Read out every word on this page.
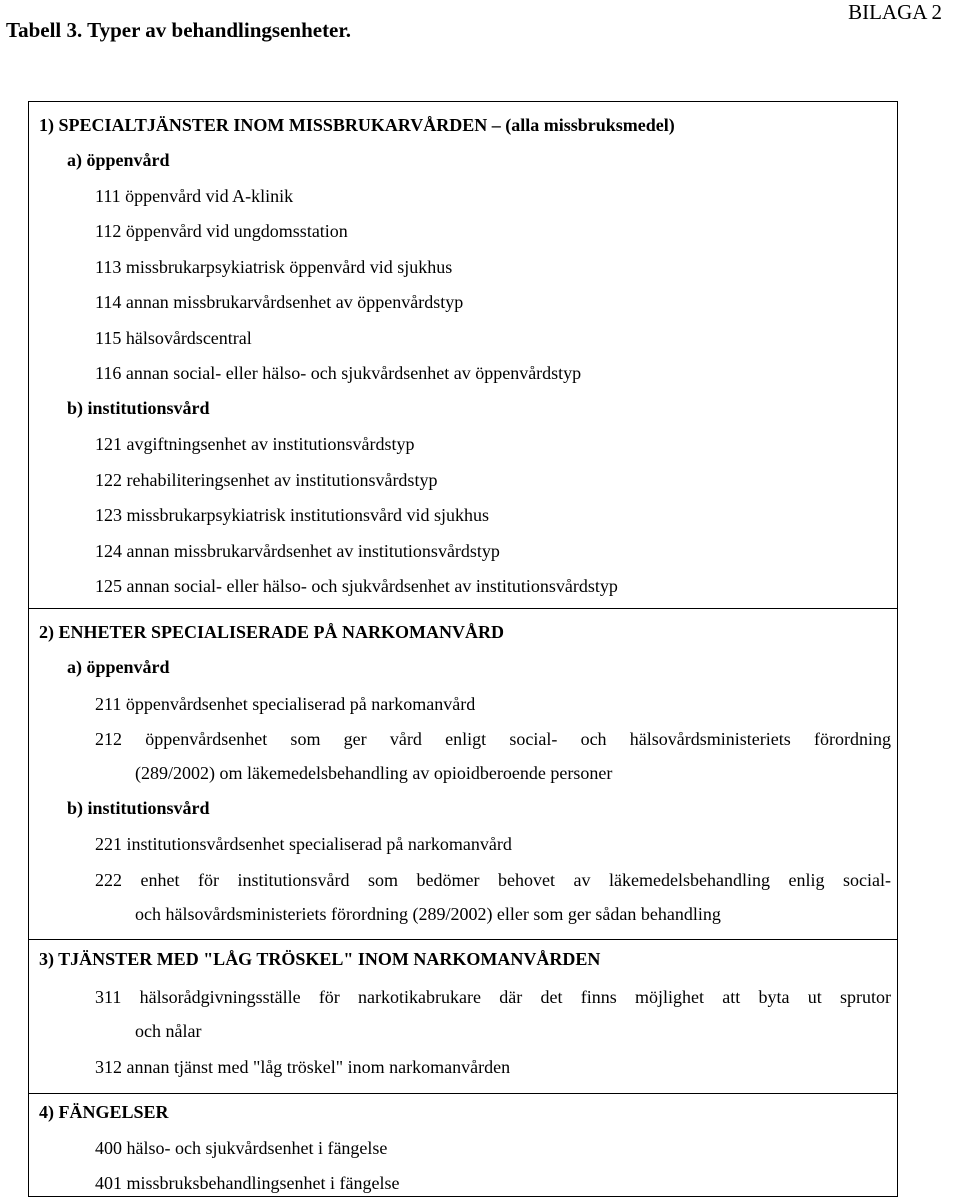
Tabell 3. Typer av behandlingsenheter.
BILAGA 2
1) SPECIALTJÄNSTER INOM MISSBRUKARVÅRDEN – (alla missbruksmedel)
a) öppenvård
111 öppenvård vid A-klinik
112 öppenvård vid ungdomsstation
113 missbrukarpsykiatrisk öppenvård vid sjukhus
114 annan missbrukarvårdsenhet av öppenvårdstyp
115 hälsovårdscentral
116 annan social- eller hälso- och sjukvårdsenhet av öppenvårdstyp
b) institutionsvård
121 avgiftningsenhet av institutionsvårdstyp
122 rehabiliteringsenhet av institutionsvårdstyp
123 missbrukarpsykiatrisk institutionsvård vid sjukhus
124 annan missbrukarvårdsenhet av institutionsvårdstyp
125 annan social- eller hälso- och sjukvårdsenhet av institutionsvårdstyp
2) ENHETER SPECIALISERADE PÅ NARKOMANVÅRD
a) öppenvård
211 öppenvårdsenhet specialiserad på narkomanvård
212 öppenvårdsenhet som ger vård enligt social- och hälsovårdsministeriets förordning
(289/2002) om läkemedelsbehandling av opioidberoende personer
b) institutionsvård
221 institutionsvårdsenhet specialiserad på narkomanvård
222 enhet för institutionsvård som bedömer behovet av läkemedelsbehandling enlig social-
och hälsovårdsministeriets förordning (289/2002) eller som ger sådan behandling
3) TJÄNSTER MED "LÅG TRÖSKEL" INOM NARKOMANVÅRDEN
311 hälsorådgivningsställe för narkotikabrukare där det finns möjlighet att byta ut sprutor
och nålar
312 annan tjänst med "låg tröskel" inom narkomanvården
4) FÄNGELSER
400 hälso- och sjukvårdsenhet i fängelse
401 missbruksbehandlingsenhet i fängelse
